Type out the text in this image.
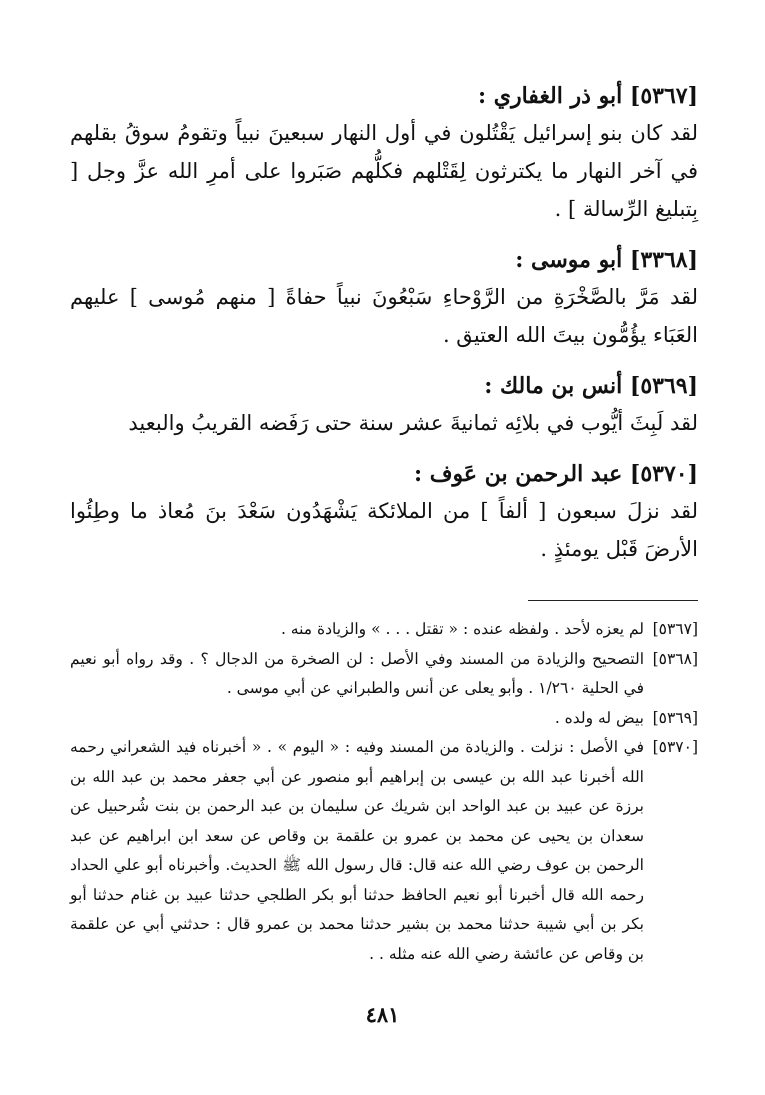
[٥٣٦٧] أبو ذر الغفاري :
لقد كان بنو إسرائيل يَقْتُلون في أول النهار سبعينَ نبياً وتقومُ سوقُ بقلهم في آخر النهار ما يكترثون لِقَتْلهم فكلُّهم صَبَروا على أمرِ الله عزَّ وجل [ بِتبليغ الرِّسالة ] .
[٣٣٦٨] أبو موسى :
لقد مَرَّ بالصَّخْرَةِ من الرَّوْحاءِ سَبْعُونَ نبياً حفاةً [ منهم مُوسى ] عليهم العَبَاء يؤُمُّون بيتَ الله العتيق .
[٥٣٦٩] أنس بن مالك :
لقد لَبِثَ أيُّوب في بلائِه ثمانيةَ عشر سنة حتى رَفَضه القريبُ والبعيد
[٥٣٧٠] عبد الرحمن بن عَوف :
لقد نزلَ سبعون [ ألفاً ] من الملائكة يَشْهَدُون سَعْدَ بنَ مُعاذ ما وطِئُوا الأرضَ قَبْل يومئذٍ .
[٥٣٦٧]
لم يعزه لأحد . ولفظه عنده : « تقتل . . . » والزيادة منه .
[٥٣٦٨]
التصحيح والزيادة من المسند وفي الأصل : لن الصخرة من الدجال ؟ . وقد رواه أبو نعيم في الحلية ١/٢٦٠ . وأبو يعلى عن أنس والطبراني عن أبي موسى .
[٥٣٦٩]
بيض له ولده .
[٥٣٧٠]
في الأصل : نزلت . والزيادة من المسند وفيه : « اليوم » . « أخبرناه فيد الشعراني رحمه الله أخبرنا عبد الله بن عيسى بن إبراهيم أبو منصور عن أبي جعفر محمد بن عبد الله بن برزة عن عبيد بن عبد الواحد ابن شريك عن سليمان بن عبد الرحمن بن بنت شُرحبيل عن سعدان بن يحيى عن محمد بن عمرو بن علقمة بن وقاص عن سعد ابن ابراهيم عن عبد الرحمن بن عوف رضي الله عنه قال: قال رسول الله ﷺ الحديث. وأخبرناه أبو علي الحداد رحمه الله قال أخبرنا أبو نعيم الحافظ حدثنا أبو بكر الطلجي حدثنا عبيد بن غنام حدثنا أبو بكر بن أبي شيبة حدثنا محمد بن بشير حدثنا محمد بن عمرو قال : حدثني أبي عن علقمة بن وقاص عن عائشة رضي الله عنه مثله . .
٤٨١
